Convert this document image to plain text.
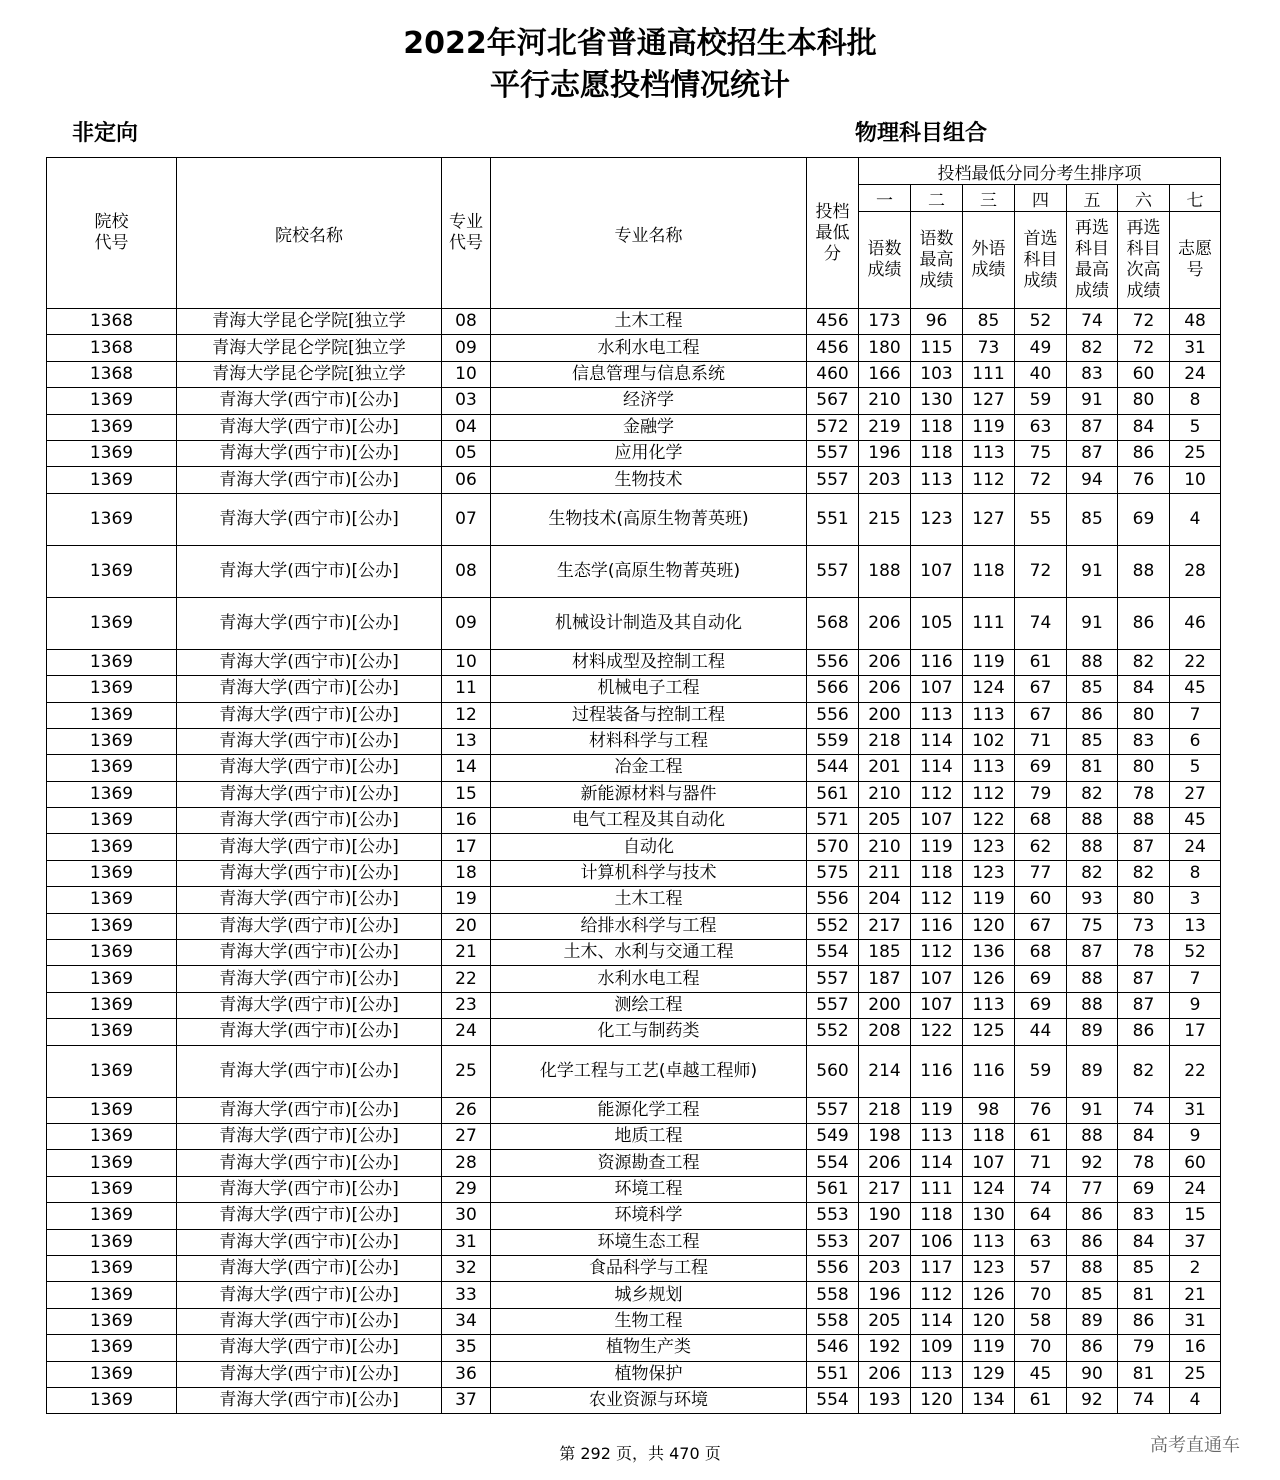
2022年河北省普通高校招生本科批
平行志愿投档情况统计
非定向	物理科目组合
院校代号	院校名称	专业代号	专业名称	投档最低分	投档最低分同分考生排序项						
					一	二	三	四	五	六	七

					语数成绩	语数最高成绩	外语成绩	首选科目成绩	再选科目最高成绩	再选科目次高成绩	志愿号

1368	青海大学昆仑学院[独立学	08	土木工程	456	173	96	85	52	74	72	48
1368	青海大学昆仑学院[独立学	09	水利水电工程	456	180	115	73	49	82	72	31
1368	青海大学昆仑学院[独立学	10	信息管理与信息系统	460	166	103	111	40	83	60	24
1369	青海大学(西宁市)[公办]	03	经济学	567	210	130	127	59	91	80	8
1369	青海大学(西宁市)[公办]	04	金融学	572	219	118	119	63	87	84	5
1369	青海大学(西宁市)[公办]	05	应用化学	557	196	118	113	75	87	86	25
1369	青海大学(西宁市)[公办]	06	生物技术	557	203	113	112	72	94	76	10
1369	青海大学(西宁市)[公办]	07	生物技术(高原生物菁英班)	551	215	123	127	55	85	69	4
1369	青海大学(西宁市)[公办]	08	生态学(高原生物菁英班)	557	188	107	118	72	91	88	28
1369	青海大学(西宁市)[公办]	09	机械设计制造及其自动化	568	206	105	111	74	91	86	46
1369	青海大学(西宁市)[公办]	10	材料成型及控制工程	556	206	116	119	61	88	82	22
1369	青海大学(西宁市)[公办]	11	机械电子工程	566	206	107	124	67	85	84	45
1369	青海大学(西宁市)[公办]	12	过程装备与控制工程	556	200	113	113	67	86	80	7
1369	青海大学(西宁市)[公办]	13	材料科学与工程	559	218	114	102	71	85	83	6
1369	青海大学(西宁市)[公办]	14	冶金工程	544	201	114	113	69	81	80	5
1369	青海大学(西宁市)[公办]	15	新能源材料与器件	561	210	112	112	79	82	78	27
1369	青海大学(西宁市)[公办]	16	电气工程及其自动化	571	205	107	122	68	88	88	45
1369	青海大学(西宁市)[公办]	17	自动化	570	210	119	123	62	88	87	24
1369	青海大学(西宁市)[公办]	18	计算机科学与技术	575	211	118	123	77	82	82	8
1369	青海大学(西宁市)[公办]	19	土木工程	556	204	112	119	60	93	80	3
1369	青海大学(西宁市)[公办]	20	给排水科学与工程	552	217	116	120	67	75	73	13
1369	青海大学(西宁市)[公办]	21	土木、水利与交通工程	554	185	112	136	68	87	78	52
1369	青海大学(西宁市)[公办]	22	水利水电工程	557	187	107	126	69	88	87	7
1369	青海大学(西宁市)[公办]	23	测绘工程	557	200	107	113	69	88	87	9
1369	青海大学(西宁市)[公办]	24	化工与制药类	552	208	122	125	44	89	86	17
1369	青海大学(西宁市)[公办]	25	化学工程与工艺(卓越工程师)	560	214	116	116	59	89	82	22
1369	青海大学(西宁市)[公办]	26	能源化学工程	557	218	119	98	76	91	74	31
1369	青海大学(西宁市)[公办]	27	地质工程	549	198	113	118	61	88	84	9
1369	青海大学(西宁市)[公办]	28	资源勘查工程	554	206	114	107	71	92	78	60
1369	青海大学(西宁市)[公办]	29	环境工程	561	217	111	124	74	77	69	24
1369	青海大学(西宁市)[公办]	30	环境科学	553	190	118	130	64	86	83	15
1369	青海大学(西宁市)[公办]	31	环境生态工程	553	207	106	113	63	86	84	37
1369	青海大学(西宁市)[公办]	32	食品科学与工程	556	203	117	123	57	88	85	2
1369	青海大学(西宁市)[公办]	33	城乡规划	558	196	112	126	70	85	81	21
1369	青海大学(西宁市)[公办]	34	生物工程	558	205	114	120	58	89	86	31
1369	青海大学(西宁市)[公办]	35	植物生产类	546	192	109	119	70	86	79	16
1369	青海大学(西宁市)[公办]	36	植物保护	551	206	113	129	45	90	81	25
1369	青海大学(西宁市)[公办]	37	农业资源与环境	554	193	120	134	61	92	74	4
第 292 页，共 470 页	高考直通车
